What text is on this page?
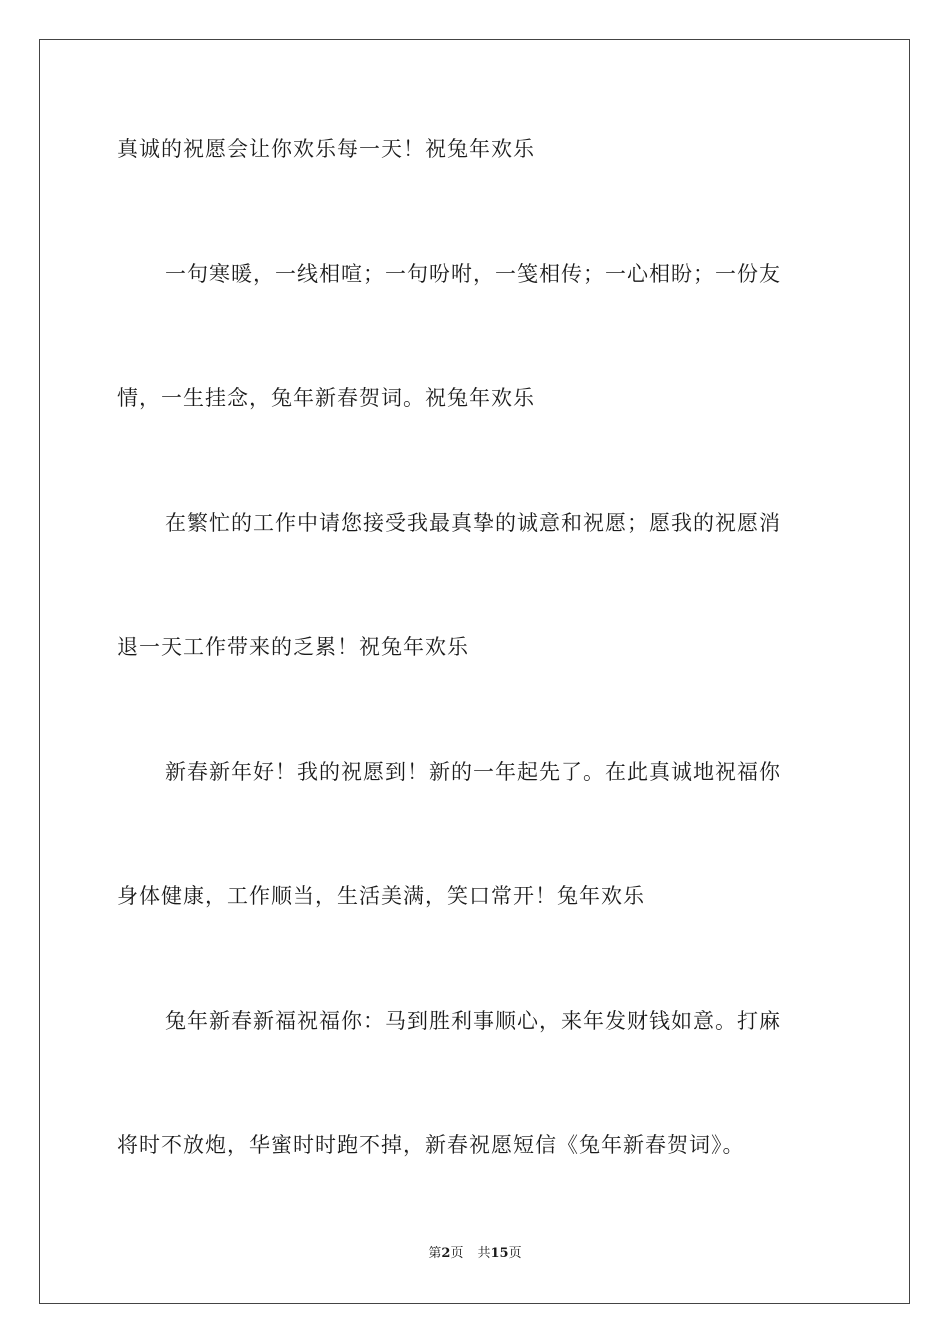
真诚的祝愿会让你欢乐每一天！祝兔年欢乐
一句寒暖，一线相喧；一句吩咐，一笺相传；一心相盼；一份友
情，一生挂念，兔年新春贺词。祝兔年欢乐
在繁忙的工作中请您接受我最真挚的诚意和祝愿；愿我的祝愿消
退一天工作带来的乏累！祝兔年欢乐
新春新年好！我的祝愿到！新的一年起先了。在此真诚地祝福你
身体健康，工作顺当，生活美满，笑口常开！兔年欢乐
兔年新春新福祝福你：马到胜利事顺心，来年发财钱如意。打麻
将时不放炮，华蜜时时跑不掉，新春祝愿短信《兔年新春贺词》。
第2页 共15页
